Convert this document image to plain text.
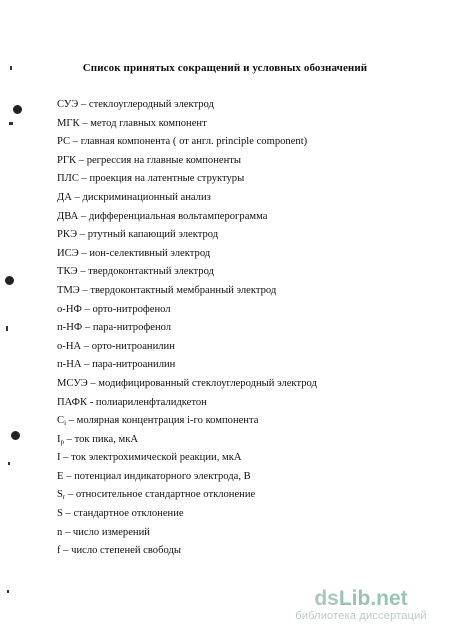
Список принятых сокращений и условных обозначений
СУЭ – стеклоуглеродный электрод
МГК – метод главных компонент
РС – главная компонента ( от англ. principle component)
РГК – регрессия на главные компоненты
ПЛС – проекция на латентные структуры
ДА – дискриминационный анализ
ДВА – дифференциальная вольтамперограмма
РКЭ – ртутный капающий электрод
ИСЭ – ион-селективный электрод
ТКЭ – твердоконтактный электрод
ТМЭ – твердоконтактный мембранный электрод
о-НФ – орто-нитрофенол
п-НФ – пара-нитрофенол
о-НА – орто-нитроанилин
п-НА – пара-нитроанилин
МСУЭ – модифицированный стеклоуглеродный электрод
ПАФК - полиариленфталидкетон
$C_i$ – молярная концентрация i-го компонента
$I_p$ – ток пика, мкА
I – ток электрохимической реакции, мкА
E – потенциал индикаторного электрода, В
$S_r$ – относительное стандартное отклонение
S – стандартное отклонение
n – число измерений
f – число степеней свободы
dsLib.net
библиотека диссертаций
